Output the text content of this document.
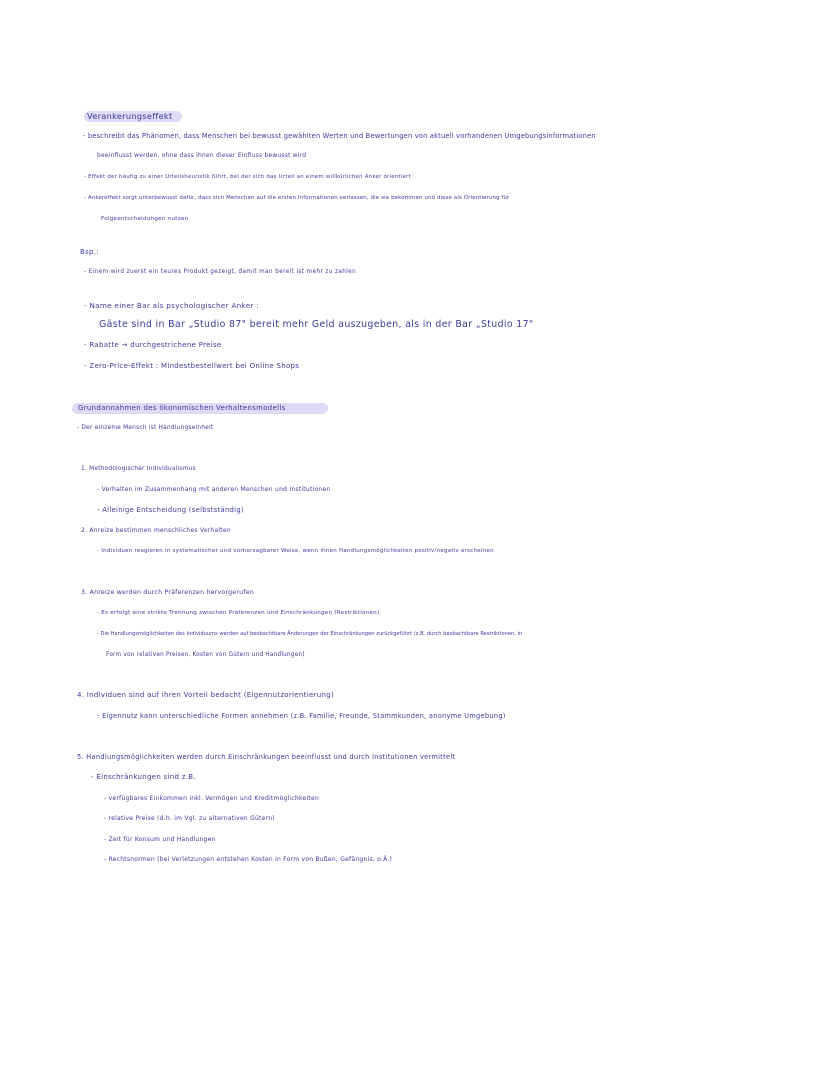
Verankerungseffekt
- beschreibt das Phänomen, dass Menschen bei bewusst gewählten Werten und Bewertungen von aktuell vorhandenen Umgebungsinformationen
beeinflusst werden, ohne dass ihnen dieser Einfluss bewusst wird
- Effekt der häufig zu einer Urteilsheuristik führt, bei der sich das Urteil an einem willkürlichen Anker orientiert
- Ankereffekt sorgt unterbewusst dafür, dass sich Menschen auf die ersten Informationen verlassen, die sie bekommen und diese als Orientierung für
Folgeentscheidungen nutzen
Bsp.:
- Einem wird zuerst ein teures Produkt gezeigt, damit man bereit ist mehr zu zahlen
- Name einer Bar als psychologischer Anker :
Gäste sind in Bar „Studio 87" bereit mehr Geld auszugeben, als in der Bar „Studio 17"
- Rabatte → durchgestrichene Preise
- Zero-Price-Effekt : Mindestbestellwert bei Online Shops
Grundannahmen des ökonomischen Verhaltensmodells
- Der einzelne Mensch ist Handlungseinheit
1. Methodologischer Individualismus
- Verhalten im Zusammenhang mit anderen Menschen und Institutionen
- Alleinige Entscheidung (selbstständig)
2. Anreize bestimmen menschliches Verhalten
- Individuen reagieren in systematischer und vorhersagbarer Weise, wenn ihnen Handlungsmöglichkeiten positiv/negativ erscheinen
3. Anreize werden durch Präferenzen hervorgerufen
- Es erfolgt eine strikte Trennung zwischen Präferenzen und Einschränkungen (Restriktionen)
- Die Handlungsmöglichkeiten des Individuums werden auf beobachtbare Änderungen der Einschränkungen zurückgeführt (z.B. durch beobachtbare Restriktionen, in
Form von relativen Preisen, Kosten von Gütern und Handlungen)
4. Individuen sind auf ihren Vorteil bedacht (Eigennutzorientierung)
- Eigennutz kann unterschiedliche Formen annehmen (z.B. Familie, Freunde, Stammkunden, anonyme Umgebung)
5. Handlungsmöglichkeiten werden durch Einschränkungen beeinflusst und durch Institutionen vermittelt
- Einschränkungen sind z.B.
- verfügbares Einkommen inkl. Vermögen und Kreditmöglichkeiten
- relative Preise (d.h. im Vgl. zu alternativen Gütern)
- Zeit für Konsum und Handlungen
- Rechtsnormen (bei Verletzungen entstehen Kosten in Form von Bußen, Gefängnis, o.Ä.)
